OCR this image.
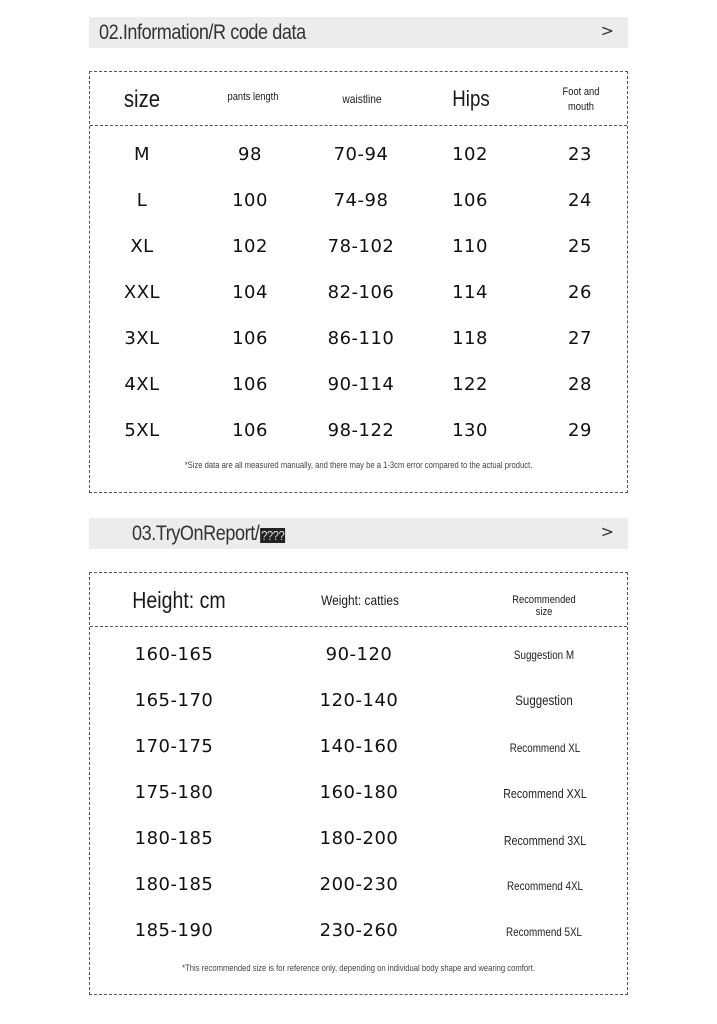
02.Information/R code data	>
size	pants length	waistline	Hips	Foot and
mouth
M	98	70-94	102	23
L	100	74-98	106	24
XL	102	78-102	110	25
XXL	104	82-106	114	26
3XL	106	86-110	118	27
4XL	106	90-114	122	28
5XL	106	98-122	130	29
*Size data are all measured manually, and there may be a 1-3cm error compared to the actual product.
03.TryOnReport/ ????	>
Height: cm	Weight: catties	Recommended size
160-165	90-120	Suggestion M
165-170	120-140	Suggestion
170-175	140-160	Recommend XL
175-180	160-180	Recommend XXL
180-185	180-200	Recommend 3XL
180-185	200-230	Recommend 4XL
185-190	230-260	Recommend 5XL
*This recommended size is for reference only, depending on individual body shape and wearing comfort.
